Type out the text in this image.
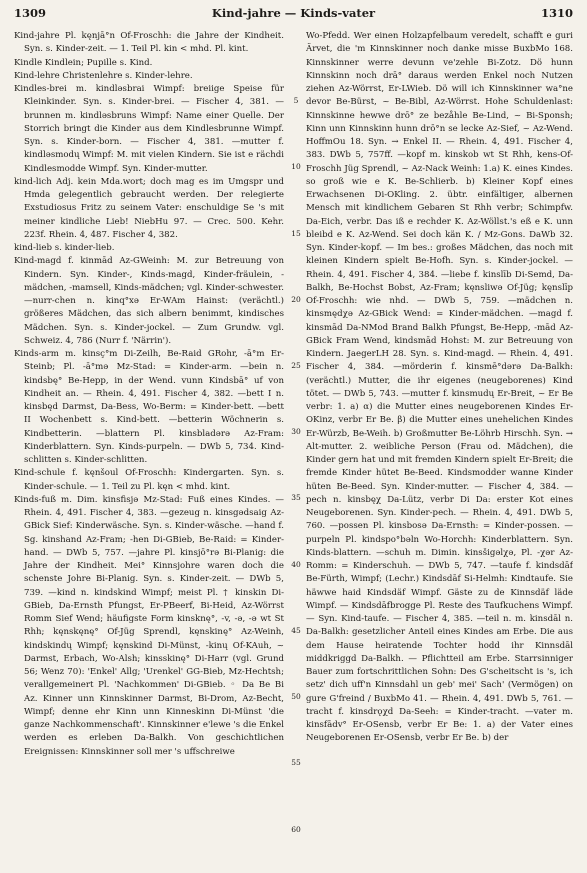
1309	Kind-jahre — Kinds-vater	1310

Kind-jahre Pl. kęnjā°n Of-Froschh: die Jahre der Kindheit. Syn. s. Kinder-zeit. — 1. Teil Pl. kin < mhd. Pl. kint.

Kindle Kindlein; Pupille s. Kind.

Kind-lehre Christenlehre s. Kinder-lehre.

Kindles-brei m. kindləsbrai Wimpf: breiige Speise für Kleinkinder. Syn. s. Kinder-brei. — Fischer 4, 381. —brunnen m. kindləsbruns Wimpf: Name einer Quelle. Der Storrich bringt die Kinder aus dem Kindlesbrunne Wimpf. Syn. s. Kinder-born. — Fischer 4, 381. —mutter f. kindləsmodų Wimpf: M. mit vielen Kindern. Sie ist e rächdi Kindlesmodde Wimpf. Syn. Kinder-mutter.

kind-lich Adj. kein Mda.wort; doch mag es im Umgspr und Hmda gelegentlich gebraucht werden. Der relegierte Exstudiosus Fritz zu seinem Vater: enschuldige Se 's mit meiner kindliche Lieb! NiebHu 97. — Crec. 500. Kehr. 223f. Rhein. 4, 487. Fischer 4, 382.

kind-lieb s. kinder-lieb.

Kind-magd f. kinmād Az-GWeinh: M. zur Betreuung von Kindern. Syn. Kinder-, Kinds-magd, Kinder-fräulein, -mädchen, -mamsell, Kinds-mädchen; vgl. Kinder-schwester. —nurr-chen n. kinq°xə Er-WAm Hainst: (verächtl.) größeres Mädchen, das sich albern benimmt, kindisches Mädchen. Syn. s. Kinder-jockel. — Zum Grundw. vgl. Schweiz. 4, 786 (Nurr f. 'Närrin').

Kinds-arm m. kinsç°m Di-Zeilh, Be-Raid GRohr, -ā°m Er-Steinb; Pl. -ā°mə Mz-Stad: = Kinder-arm. —bein n. kindsbę° Be-Hepp, in der Wend. vunn Kindsbā° uf von Kindheit an. — Rhein. 4, 491. Fischer 4, 382. —bett I n. kinsbęd Darmst, Da-Bess, Wo-Berm: = Kinder-bett. —bett II Wochenbett s. Kind-bett. —betterin Wöchnerin s. Kindbetterin. —blattern Pl. kinsbladərə Az-Fram: Kinderblattern. Syn. Kinds-purpeln. — DWb 5, 734. Kind-schlitten s. Kinder-schlitten.

Kind-schule f. kęnšoul Of-Froschh: Kindergarten. Syn. s. Kinder-schule. — 1. Teil zu Pl. kęn < mhd. kint.

Kinds-fuß m. Dim. kinsfisjə Mz-Stad: Fuß eines Kindes. — Rhein. 4, 491. Fischer 4, 383. —gezeug n. kinsgədsaig Az-GBick Sief: Kinderwäsche. Syn. s. Kinder-wäsche. —hand f. Sg. kinshand Az-Fram; -hen Di-GBieb, Be-Raid: = Kinder-hand. — DWb 5, 757. —jahre Pl. kinsjō°rə Bi-Planig: die Jahre der Kindheit. Mei° Kinnsjohre waren doch die schenste Johre Bi-Planig. Syn. s. Kinder-zeit. — DWb 5, 739. —kind n. kindskind Wimpf; meist Pl. † kinskin Di-GBieb, Da-Ernsth Pfungst, Er-PBeerf, Bi-Heid, Az-Wörrst Romm Sief Wend; häufigste Form kinsknę°, -v, -ə, -ə wt St Rhh; kęnskęnę° Of-Jüg Sprendl, kęnskinę° Az-Weinh, kindskindų Wimpf; kęnskind Di-Münst, -kinų Of-KAuh, ~ Darmst, Erbach, Wo-Alsh; kinsskinę° Di-Harr (vgl. Grund 56; Wenz 70): 'Enkel' Allg; 'Urenkel' GG-Bieb, Mz-Hechtsh; verallgemeinert Pl. 'Nachkommen' Di-GBieb. ◦ Da Be Bi Az. Kinner unn Kinnskinner Darmst, Bi-Drom, Az-Becht, Wimpf; denne ehr Kinn unn Kinneskinn Di-Münst 'die ganze Nachkommenschaft'. Kinnskinner e'lewe 's die Enkel werden es erleben Da-Balkh. Von geschichtlichen Ereignissen: Kinnskinner soll mer 's uffschreiwe

5
10
15
20
25
30
35
40
45
50
55
60

Wo-Pfedd. Wer einen Holzapfelbaum veredelt, schafft e guri Ärvet, die 'm Kinnskinner noch danke misse BuxbMo 168. Kinnskinner werre devunn ve'zehle Bi-Zotz. Dö hunn Kinnskinn noch drā° daraus werden Enkel noch Nutzen ziehen Az-Wörrst, Er-LWieb. Dö will ich Kinnskinner wa°ne devor Be-Bürst, ~ Be-Bibl, Az-Wörrst. Hohe Schuldenlast: Kinnskinne hewwe drō° ze bezåhle Be-Lind, ~ Bi-Sponsh; Kinn unn Kinnskinn hunn drō°n se lecke Az-Sief, ~ Az-Wend. HoffmOu 18. Syn. → Enkel II. — Rhein. 4, 491. Fischer 4, 383. DWb 5, 757ff. —kopf m. kinskob wt St Rhh, kens-Of-Froschh Jüg Sprendl, ~ Az-Nack Weinh: 1.a) K. eines Kindes. so groß wie e K. Be-Schlierb. b) Kleiner Kopf eines Erwachsenen Di-OKling. 2. übtr. einfältiger, albernen Mensch mit kindlichem Gebaren St Rhh verbr; Schimpfw. Da-Eich, verbr. Das iß e rechder K. Az-Wöllst.'s eß e K. unn bleibd e K. Az-Wend. Sei doch kän K. / Mz-Gons. DaWb 32. Syn. Kinder-kopf. — Im bes.: großes Mädchen, das noch mit kleinen Kindern spielt Be-Hofh. Syn. s. Kinder-jockel. — Rhein. 4, 491. Fischer 4, 384. —liebe f. kinslīb Di-Semd, Da-Balkh, Be-Hochst Bobst, Az-Fram; kęnsliwə Of-Jüg; kęnslīp Of-Froschh: wie nhd. — DWb 5, 759. —mädchen n. kinsmędχə Az-GBick Wend: = Kinder-mädchen. —magd f. kinsmād Da-NMod Brand Balkh Pfungst, Be-Hepp, -mād Az-GBick Fram Wend, kindsmād Hohst: M. zur Betreuung von Kindern. JaegerLH 28. Syn. s. Kind-magd. — Rhein. 4, 491. Fischer 4, 384. —mörderin f. kinsmē°dərə Da-Balkh: (verächtl.) Mutter, die ihr eigenes (neugeborenes) Kind tötet. — DWb 5, 743. —mutter f. kinsmudų Er-Breit, ~ Er Be verbr: 1. a) α) die Mutter eines neugeborenen Kindes Er-OKinz, verbr Er Be. β) die Mutter eines unehelichen Kindes Er-Würzb, Be-Weih. b) Großmutter Be-Löhrb Hirschh. Syn. → Alt-mutter. 2. weibliche Person (Frau od. Mädchen), die Kinder gern hat und mit fremden Kindern spielt Er-Breit; die fremde Kinder hütet Be-Beed. Kindsmodder wanne Kinder hüten Be-Beed. Syn. Kinder-mutter. — Fischer 4, 384. —pech n. kinsbęχ Da-Lütz, verbr Di Da: erster Kot eines Neugeborenen. Syn. Kinder-pech. — Rhein. 4, 491. DWb 5, 760. —possen Pl. kinsbosə Da-Ernsth: = Kinder-possen. —purpeln Pl. kindspo°bəln Wo-Horchh: Kinderblattern. Syn. Kinds-blattern. —schuh m. Dimin. kinsšigəlχə, Pl. -χər Az-Romm: = Kinderschuh. — DWb 5, 747. —taufe f. kindsdāf Be-Fürth, Wimpf; (Lechr.) Kindsdāf Si-Helmh: Kindtaufe. Sie häwwe haid Kindsdäf Wimpf. Gäste zu de Kinnsdäf läde Wimpf. — Kindsdāfbrogge Pl. Reste des Taufkuchens Wimpf. — Syn. Kind-taufe. — Fischer 4, 385. —teil n. m. kinsdāl n. Da-Balkh: gesetzlicher Anteil eines Kindes am Erbe. Die aus dem Hause heiratende Tochter hodd ihr Kinnsdāl middkriggd Da-Balkh. — Pflichtteil am Erbe. Starrsinniger Bauer zum fortschrittlichen Sohn: Des G'scheitscht is 's, ich setz' dich uff'n Kinnsdahl un geb' mei' Sach' (Vermögen) on gure G'freind / BuxbMo 41. — Rhein. 4, 491. DWb 5, 761. —tracht f. kinsdrǫχd Da-Seeh: = Kinder-tracht. —vater m. kinsfādv° Er-OSensb, verbr Er Be: 1. a) der Vater eines Neugeborenen Er-OSensb, verbr Er Be. b) der
